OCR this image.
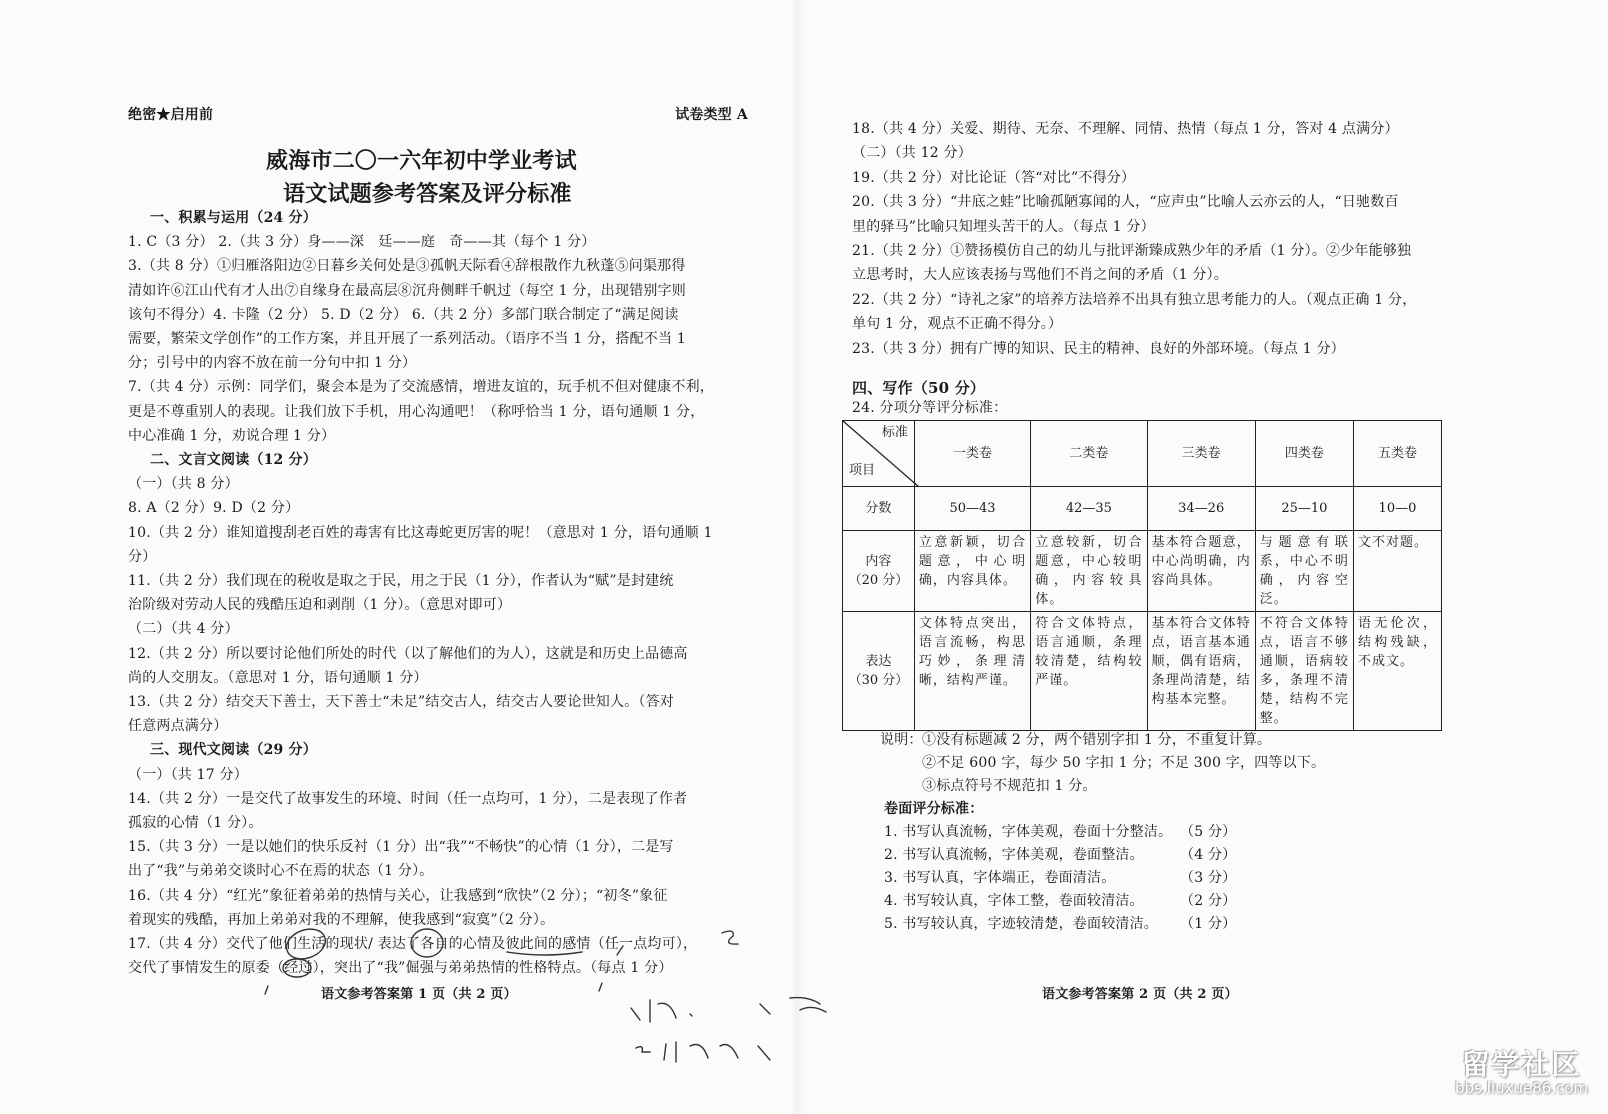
绝密★启用前	试卷类型 A
威海市二〇一六年初中学业考试
语文试题参考答案及评分标准
一、积累与运用（24 分）
1. C（3 分） 2.（共 3 分）身——深　廷——庭　奇——其（每个 1 分）
3.（共 8 分）①归雁洛阳边②日暮乡关何处是③孤帆天际看④辞根散作九秋蓬⑤问渠那得
清如许⑥江山代有才人出⑦自缘身在最高层⑧沉舟侧畔千帆过（每空 1 分，出现错别字则
该句不得分）4. 卡隆（2 分） 5. D（2 分） 6.（共 2 分）多部门联合制定了“满足阅读
需要，繁荣文学创作”的工作方案，并且开展了一系列活动。（语序不当 1 分，搭配不当 1
分；引号中的内容不放在前一分句中扣 1 分）
7.（共 4 分）示例：同学们，聚会本是为了交流感情，增进友谊的，玩手机不但对健康不利，
更是不尊重别人的表现。让我们放下手机，用心沟通吧！（称呼恰当 1 分，语句通顺 1 分，
中心准确 1 分，劝说合理 1 分）
二、文言文阅读（12 分）
（一）（共 8 分）
8. A（2 分）9. D（2 分）
10.（共 2 分）谁知道搜刮老百姓的毒害有比这毒蛇更厉害的呢！（意思对 1 分，语句通顺 1
分）
11.（共 2 分）我们现在的税收是取之于民，用之于民（1 分），作者认为“赋”是封建统
治阶级对劳动人民的残酷压迫和剥削（1 分）。（意思对即可）
（二）（共 4 分）
12.（共 2 分）所以要讨论他们所处的时代（以了解他们的为人），这就是和历史上品德高
尚的人交朋友。（意思对 1 分，语句通顺 1 分）
13.（共 2 分）结交天下善士，天下善士“未足”结交古人，结交古人要论世知人。（答对
任意两点满分）
三、现代文阅读（29 分）
（一）（共 17 分）
14.（共 2 分）一是交代了故事发生的环境、时间（任一点均可，1 分），二是表现了作者
孤寂的心情（1 分）。
15.（共 3 分）一是以她们的快乐反衬（1 分）出“我”“不畅快”的心情（1 分），二是写
出了“我”与弟弟交谈时心不在焉的状态（1 分）。
16.（共 4 分）“红光”象征着弟弟的热情与关心，让我感到“欣快”（2 分）；“初冬”象征
着现实的残酷，再加上弟弟对我的不理解，使我感到“寂寞”（2 分）。
17.（共 4 分）交代了他们生活的现状/ 表达了各自的心情及彼此间的感情（任一点均可），
交代了事情发生的原委（经过），突出了“我”倔强与弟弟热情的性格特点。（每点 1 分）
语文参考答案第 1 页（共 2 页）
18.（共 4 分）关爱、期待、无奈、不理解、同情、热情（每点 1 分，答对 4 点满分）
（二）（共 12 分）
19.（共 2 分）对比论证（答“对比”不得分）
20.（共 3 分）“井底之蛙”比喻孤陋寡闻的人，“应声虫”比喻人云亦云的人，“日驰数百
里的驿马”比喻只知埋头苦干的人。（每点 1 分）
21.（共 2 分）①赞扬模仿自己的幼儿与批评渐臻成熟少年的矛盾（1 分）。②少年能够独
立思考时，大人应该表扬与骂他们不肖之间的矛盾（1 分）。
22.（共 2 分）“诗礼之家”的培养方法培养不出具有独立思考能力的人。（观点正确 1 分，
单句 1 分，观点不正确不得分。）
23.（共 3 分）拥有广博的知识、民主的精神、良好的外部环境。（每点 1 分）
四、写作（50 分）
24. 分项分等评分标准：
标准
项目	一类卷	二类卷	三类卷	四类卷	五类卷
分数	50—43	42—35	34—26	25—10	10—0

内容
（20 分）	立意新颖，切合题意，中心明确，内容具体。	立意较新，切合题意，中心较明确，内容较具体。	基本符合题意，中心尚明确，内容尚具体。	与题意有联系，中心不明确，内容空泛。	文不对题。

表达
（30 分）	文体特点突出，语言流畅，构思巧妙，条理清晰，结构严谨。	符合文体特点，语言通顺，条理较清楚，结构较严谨。	基本符合文体特点，语言基本通顺，偶有语病，条理尚清楚，结构基本完整。	不符合文体特点，语言不够通顺，语病较多，条理不清楚，结构不完整。	语无伦次，结构残缺，不成文。
说明： ①没有标题减 2 分，两个错别字扣 1 分，不重复计算。
②不足 600 字，每少 50 字扣 1 分；不足 300 字，四等以下。
③标点符号不规范扣 1 分。
卷面评分标准：
1. 书写认真流畅，字体美观，卷面十分整洁。 （5 分）
2. 书写认真流畅，字体美观，卷面整洁。	（4 分）
3. 书写认真，字体端正，卷面清洁。	（3 分）
4. 书写较认真，字体工整，卷面较清洁。	（2 分）
5. 书写较认真，字迹较清楚，卷面较清洁。 （1 分）
语文参考答案第 2 页（共 2 页）
留学社区
bbs.liuxue86.com
